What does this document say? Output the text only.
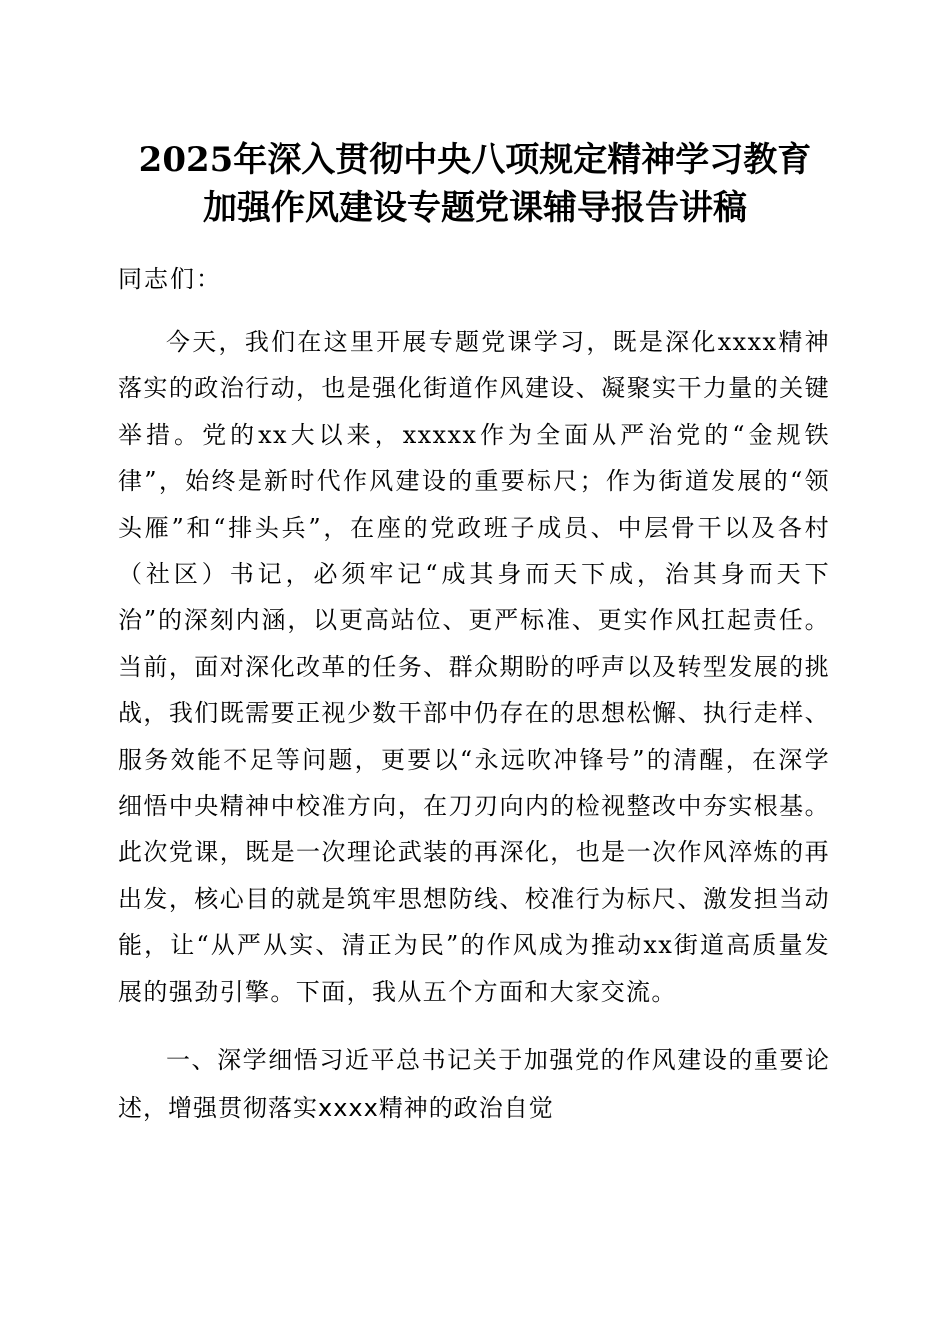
2025年深入贯彻中央八项规定精神学习教育
加强作风建设专题党课辅导报告讲稿
同志们：

今天，我们在这里开展专题党课学习，既是深化xxxx精神落实的政治行动，也是强化街道作风建设、凝聚实干力量的关键举措。党的xx大以来，xxxxx作为全面从严治党的“金规铁律”，始终是新时代作风建设的重要标尺；作为街道发展的“领头雁”和“排头兵”，在座的党政班子成员、中层骨干以及各村（社区）书记，必须牢记“成其身而天下成，治其身而天下治”的深刻内涵，以更高站位、更严标准、更实作风扛起责任。当前，面对深化改革的任务、群众期盼的呼声以及转型发展的挑战，我们既需要正视少数干部中仍存在的思想松懈、执行走样、服务效能不足等问题，更要以“永远吹冲锋号”的清醒，在深学细悟中央精神中校准方向，在刀刃向内的检视整改中夯实根基。此次党课，既是一次理论武装的再深化，也是一次作风淬炼的再出发，核心目的就是筑牢思想防线、校准行为标尺、激发担当动能，让“从严从实、清正为民”的作风成为推动xx街道高质量发展的强劲引擎。下面，我从五个方面和大家交流。

一、深学细悟习近平总书记关于加强党的作风建设的重要论述，增强贯彻落实xxxx精神的政治自觉
